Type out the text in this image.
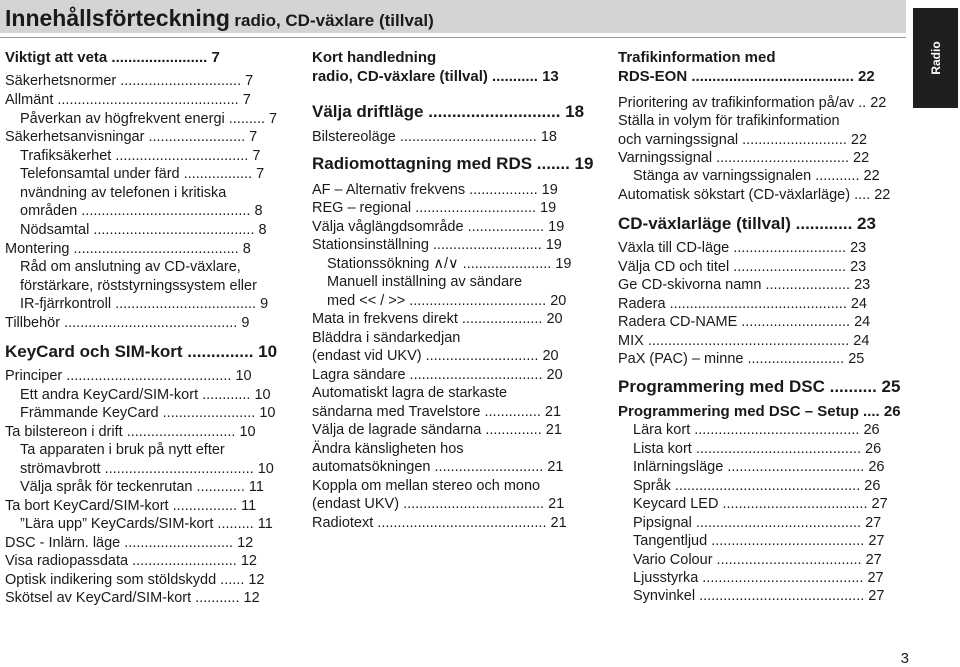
Innehållsförteckning radio, CD-växlare (tillval)
Radio
Viktigt att veta ....................... 7
Säkerhetsnormer .............................. 7
Allmänt ............................................. 7
Påverkan av högfrekvent energi ......... 7
Säkerhetsanvisningar ........................ 7
Trafiksäkerhet ................................. 7
Telefonsamtal under färd ................. 7
nvändning av telefonen i kritiska
områden .......................................... 8
Nödsamtal ........................................ 8
Montering ......................................... 8
Råd om anslutning av CD-växlare,
förstärkare, röststyrningssystem eller
IR-fjärrkontroll ................................... 9
Tillbehör ........................................... 9
KeyCard och SIM-kort .............. 10
Principer ......................................... 10
Ett andra KeyCard/SIM-kort ............ 10
Främmande KeyCard ....................... 10
Ta bilstereon i drift ........................... 10
Ta apparaten i bruk på nytt efter
strömavbrott ..................................... 10
Välja språk för teckenrutan ............ 11
Ta bort KeyCard/SIM-kort ................ 11
”Lära upp” KeyCards/SIM-kort ......... 11
DSC - Inlärn. läge ........................... 12
Visa radiopassdata .......................... 12
Optisk indikering som stöldskydd ...... 12
Skötsel av KeyCard/SIM-kort ........... 12
Kort handledning
radio, CD-växlare (tillval) ........... 13
Välja driftläge ............................ 18
Bilstereoläge .................................. 18
Radiomottagning med RDS ....... 19
AF – Alternativ frekvens ................. 19
REG – regional .............................. 19
Välja våglängdsområde ................... 19
Stationsinställning ........................... 19
Stationssökning ∧/∨ ...................... 19
Manuell inställning av sändare
med << / >> .................................. 20
Mata in frekvens direkt .................... 20
Bläddra i sändarkedjan
(endast vid UKV) ............................ 20
Lagra sändare ................................. 20
Automatiskt lagra de starkaste
sändarna med Travelstore .............. 21
Välja de lagrade sändarna .............. 21
Ändra känsligheten hos
automatsökningen ........................... 21
Koppla om mellan stereo och mono
(endast UKV) ................................... 21
Radiotext .......................................... 21
Trafikinformation med
RDS-EON ....................................... 22
Prioritering av trafikinformation på/av .. 22
Ställa in volym för trafikinformation
och varningssignal .......................... 22
Varningssignal ................................. 22
Stänga av varningssignalen ........... 22
Automatisk sökstart (CD-växlarläge) .... 22
CD-växlarläge (tillval) ............ 23
Växla till CD-läge ............................ 23
Välja CD och titel ............................ 23
Ge CD-skivorna namn ..................... 23
Radera ............................................ 24
Radera CD-NAME ........................... 24
MIX .................................................. 24
PaX (PAC) – minne ........................ 25
Programmering med DSC .......... 25
Programmering med DSC – Setup .... 26
Lära kort ......................................... 26
Lista kort ......................................... 26
Inlärningsläge .................................. 26
Språk .............................................. 26
Keycard LED .................................... 27
Pipsignal ......................................... 27
Tangentljud ...................................... 27
Vario Colour .................................... 27
Ljusstyrka ........................................ 27
Synvinkel ......................................... 27
3
